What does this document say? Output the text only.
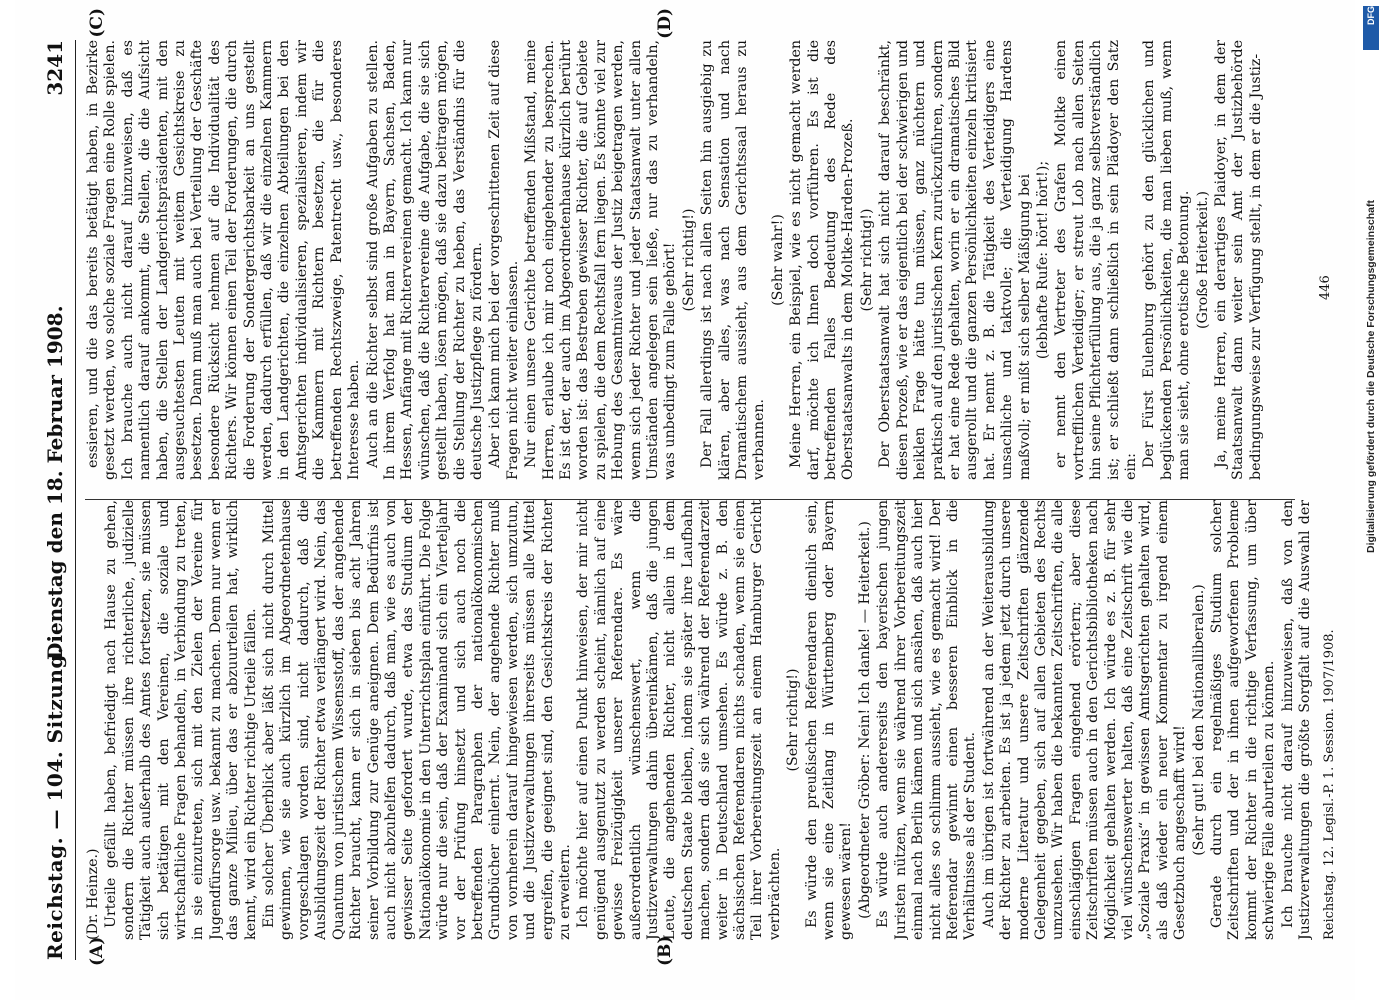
Reichstag. — 104. Sitzung.
Dienstag den 18. Februar 1908.
3241
(A)	(B)
(C)	(D)

(Dr. Heinze.) Urteile gefällt haben, befriedigt nach Hause zu gehen, sondern die Richter müssen ihre richterliche, judizielle Tätigkeit auch außerhalb des Amtes fortsetzen, sie müssen sich betätigen mit den Vereinen, die soziale und wirtschaftliche Fragen behandeln, in Verbindung zu treten, in sie einzutreten, sich mit den Zielen der Vereine für Jugendfürsorge usw. bekannt zu machen. Denn nur wenn er das ganze Milieu, über das er abzuurteilen hat, wirklich kennt, wird ein Richter richtige Urteile fällen. Ein solcher Überblick aber läßt sich nicht durch Mittel gewinnen, wie sie auch kürzlich im Abgeordnetenhause vorgeschlagen worden sind, nicht dadurch, daß die Ausbildungszeit der Richter etwa verlängert wird. Nein, das Quantum von juristischem Wissensstoff, das der angehende Richter braucht, kann er sich in sieben bis acht Jahren seiner Vorbildung zur Genüge aneignen. Dem Bedürfnis ist auch nicht abzuhelfen dadurch, daß man, wie es auch von gewisser Seite gefordert wurde, etwa das Studium der Nationalökonomie in den Unterrichtsplan einführt. Die Folge würde nur die sein, daß der Examinand sich ein Vierteljahr vor der Prüfung hinsetzt und sich auch noch die betreffenden Paragraphen der nationalökonomischen Grundbücher einlernt. Nein, der angehende Richter muß von vornherein darauf hingewiesen werden, sich umzutun, und die Justizverwaltungen ihrerseits müssen alle Mittel ergreifen, die geeignet sind, den Gesichtskreis der Richter zu erweitern. Ich möchte hier auf einen Punkt hinweisen, der mir nicht genügend ausgenutzt zu werden scheint, nämlich auf eine gewisse Freizügigkeit unserer Referendare. Es wäre außerordentlich wünschenswert, wenn die Justizverwaltungen dahin übereinkämen, daß die jungen Leute, die angehenden Richter, nicht allein in dem deutschen Staate bleiben, indem sie später ihre Laufbahn machen, sondern daß sie sich während der Referendarzeit weiter in Deutschland umsehen. Es würde z. B. den sächsischen Referendaren nichts schaden, wenn sie einen Teil ihrer Vorbereitungszeit an einem Hamburger Gericht verbrächten.

(Sehr richtig!) Es würde den preußischen Referendaren dienlich sein, wenn sie eine Zeitlang in Württemberg oder Bayern gewesen wären! (Abgeordneter Gröber: Nein! Ich danke! — Heiterkeit.) Es würde auch andererseits den bayerischen jungen Juristen nützen, wenn sie während ihrer Vorbereitungszeit einmal nach Berlin kämen und sich ansähen, daß auch hier nicht alles so schlimm aussieht, wie es gemacht wird! Der Referendar gewinnt einen besseren Einblick in die Verhältnisse als der Student. Auch im übrigen ist fortwährend an der Weiterausbildung der Richter zu arbeiten. Es ist ja jedem jetzt durch unsere moderne Literatur und unsere Zeitschriften glänzende Gelegenheit gegeben, sich auf allen Gebieten des Rechts umzusehen. Wir haben die bekannten Zeitschriften, die alle einschlägigen Fragen eingehend erörtern; aber diese Zeitschriften müssen auch in den Gerichtsbibliotheken nach Möglichkeit gehalten werden. Ich würde es z. B. für sehr viel wünschenswerter halten, daß eine Zeitschrift wie die „Soziale Praxis“ in gewissen Amtsgerichten gehalten wird, als daß wieder ein neuer Kommentar zu irgend einem Gesetzbuch angeschafft wird! (Sehr gut! bei den Nationalliberalen.) Gerade durch ein regelmäßiges Studium solcher Zeitschriften und der in ihnen aufgeworfenen Probleme kommt der Richter in die richtige Verfassung, um über schwierige Fälle aburteilen zu können. Ich brauche nicht darauf hinzuweisen, daß von den Justizverwaltungen die größte Sorgfalt auf die Auswahl der

essieren, und die das bereits betätigt haben, in Bezirke gesetzt werden, wo solche soziale Fragen eine Rolle spielen. Ich brauche auch nicht darauf hinzuweisen, daß es namentlich darauf ankommt, die Stellen, die die Aufsicht haben, die Stellen der Landgerichtspräsidenten, mit den ausgesuchtesten Leuten mit weitem Gesichtskreise zu besetzen. Dann muß man auch bei Verteilung der Geschäfte besondere Rücksicht nehmen auf die Individualität des Richters. Wir können einen Teil der Forderungen, die durch die Forderung der Sondergerichtsbarkeit an uns gestellt werden, dadurch erfüllen, daß wir die einzelnen Kammern in den Landgerichten, die einzelnen Abteilungen bei den Amtsgerichten individualisieren, spezialisieren, indem wir die Kammern mit Richtern besetzen, die für die betreffenden Rechtszweige, Patentrecht usw., besonderes Interesse haben. Auch an die Richter selbst sind große Aufgaben zu stellen. In ihrem Verfolg hat man in Bayern, Sachsen, Baden, Hessen, Anfänge mit Richtervereinen gemacht. Ich kann nur wünschen, daß die Richtervereine die Aufgabe, die sie sich gestellt haben, lösen mögen, daß sie dazu beitragen mögen, die Stellung der Richter zu heben, das Verständnis für die deutsche Justizpflege zu fördern. Aber ich kann mich bei der vorgeschrittenen Zeit auf diese Fragen nicht weiter einlassen. Nur einen unsere Gerichte betreffenden Mißstand, meine Herren, erlaube ich mir noch eingehender zu besprechen. Es ist der, der auch im Abgeordnetenhause kürzlich berührt worden ist: das Bestreben gewisser Richter, die auf Gebiete zu spielen, die dem Rechtsfall fern liegen. Es könnte viel zur Hebung des Gesamtniveaus der Justiz beigetragen werden, wenn sich jeder Richter und jeder Staatsanwalt unter allen Umständen angelegen sein ließe, nur das zu verhandeln, was unbedingt zum Falle gehört! (Sehr richtig!) Der Fall allerdings ist nach allen Seiten hin ausgiebig zu klären, aber alles, was nach Sensation und nach Dramatischem aussieht, aus dem Gerichtssaal heraus zu verbannen.

(Sehr wahr!) Meine Herren, ein Beispiel, wie es nicht gemacht werden darf, möchte ich Ihnen doch vorführen. Es ist die betreffenden Falles Bedeutung des Rede des Oberstaatsanwalts in dem Moltke-Harden-Prozeß. (Sehr richtig!) Der Oberstaatsanwalt hat sich nicht darauf beschränkt, diesen Prozeß, wie er das eigentlich bei der schwierigen und heiklen Frage hätte tun müssen, ganz nüchtern und praktisch auf den juristischen Kern zurückzuführen, sondern er hat eine Rede gehalten, worin er ein dramatisches Bild ausgerollt und die ganzen Persönlichkeiten einzeln kritisiert hat. Er nennt z. B. die Tätigkeit des Verteidigers eine unsachliche und taktvolle; die Verteidigung Hardens maßvoll; er mißt sich selber Mäßigung bei (lebhafte Rufe: hört! hört!); er nennt den Vertreter des Grafen Moltke einen vortrefflichen Verteidiger; er streut Lob nach allen Seiten hin seine Pflichterfüllung aus, die ja ganz selbstverständlich ist; er schließt dann schließlich in sein Plädoyer den Satz ein: Der Fürst Eulenburg gehört zu den glücklichen und beglückenden Persönlichkeiten, die man lieben muß, wenn man sie sieht, ohne erotische Betonung. (Große Heiterkeit.) Ja, meine Herren, ein derartiges Plaidoyer, in dem der Staatsanwalt dann weiter sein Amt der Justizbehörde bedingungsweise zur Verfügung stellt, in dem er die Justiz-

Reichstag. 12. Legisl.-P. 1. Session. 1907/1908.
446
DFG
Digitalisierung gefördert durch die Deutsche Forschungsgemeinschaft
